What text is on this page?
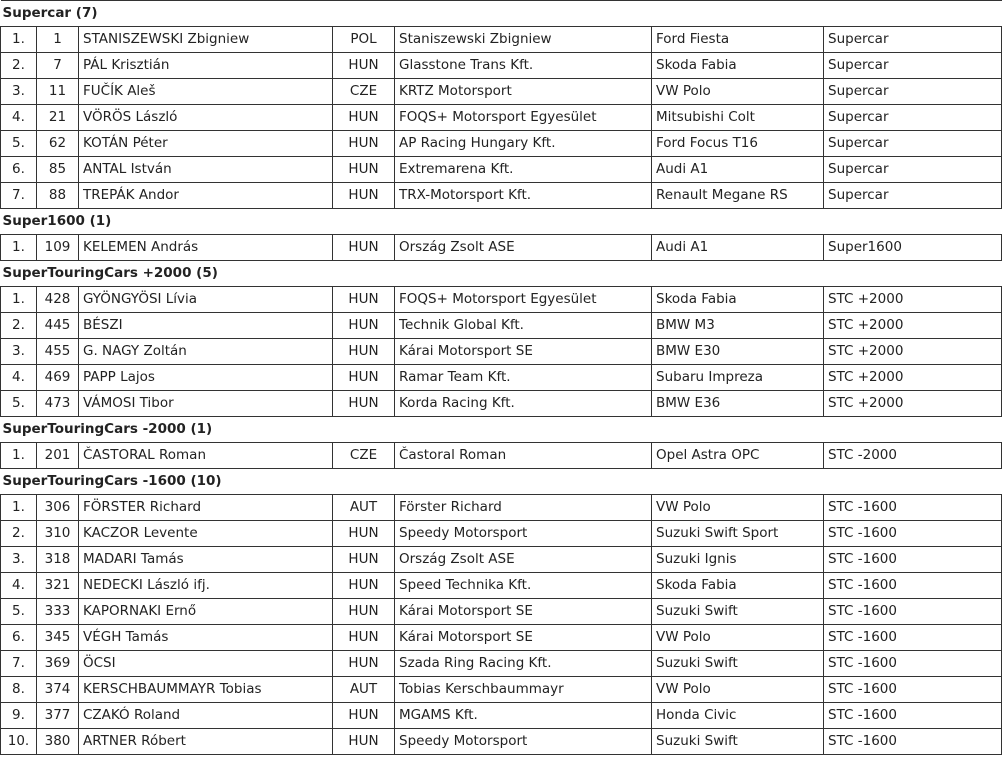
Supercar (7)						
1.	1	STANISZEWSKI Zbigniew	POL	Staniszewski Zbigniew	Ford Fiesta	Supercar
2.	7	PÁL Krisztián	HUN	Glasstone Trans Kft.	Skoda Fabia	Supercar
3.	11	FUČÍK Aleš	CZE	KRTZ Motorsport	VW Polo	Supercar
4.	21	VÖRÖS László	HUN	FOQS+ Motorsport Egyesület	Mitsubishi Colt	Supercar
5.	62	KOTÁN Péter	HUN	AP Racing Hungary Kft.	Ford Focus T16	Supercar
6.	85	ANTAL István	HUN	Extremarena Kft.	Audi A1	Supercar
7.	88	TREPÁK Andor	HUN	TRX-Motorsport Kft.	Renault Megane RS	Supercar
Super1600 (1)						
1.	109	KELEMEN András	HUN	Ország Zsolt ASE	Audi A1	Super1600
SuperTouringCars +2000 (5)						
1.	428	GYÖNGYÖSI Lívia	HUN	FOQS+ Motorsport Egyesület	Skoda Fabia	STC +2000
2.	445	BÉSZI	HUN	Technik Global Kft.	BMW M3	STC +2000
3.	455	G. NAGY Zoltán	HUN	Kárai Motorsport SE	BMW E30	STC +2000
4.	469	PAPP Lajos	HUN	Ramar Team Kft.	Subaru Impreza	STC +2000
5.	473	VÁMOSI Tibor	HUN	Korda Racing Kft.	BMW E36	STC +2000
SuperTouringCars -2000 (1)						
1.	201	ČASTORAL Roman	CZE	Častoral Roman	Opel Astra OPC	STC -2000
SuperTouringCars -1600 (10)						
1.	306	FÖRSTER Richard	AUT	Förster Richard	VW Polo	STC -1600
2.	310	KACZOR Levente	HUN	Speedy Motorsport	Suzuki Swift Sport	STC -1600
3.	318	MADARI Tamás	HUN	Ország Zsolt ASE	Suzuki Ignis	STC -1600
4.	321	NEDECKI László ifj.	HUN	Speed Technika Kft.	Skoda Fabia	STC -1600
5.	333	KAPORNAKI Ernő	HUN	Kárai Motorsport SE	Suzuki Swift	STC -1600
6.	345	VÉGH Tamás	HUN	Kárai Motorsport SE	VW Polo	STC -1600
7.	369	ÖCSI	HUN	Szada Ring Racing Kft.	Suzuki Swift	STC -1600
8.	374	KERSCHBAUMMAYR Tobias	AUT	Tobias Kerschbaummayr	VW Polo	STC -1600
9.	377	CZAKÓ Roland	HUN	MGAMS Kft.	Honda Civic	STC -1600
10.	380	ARTNER Róbert	HUN	Speedy Motorsport	Suzuki Swift	STC -1600
